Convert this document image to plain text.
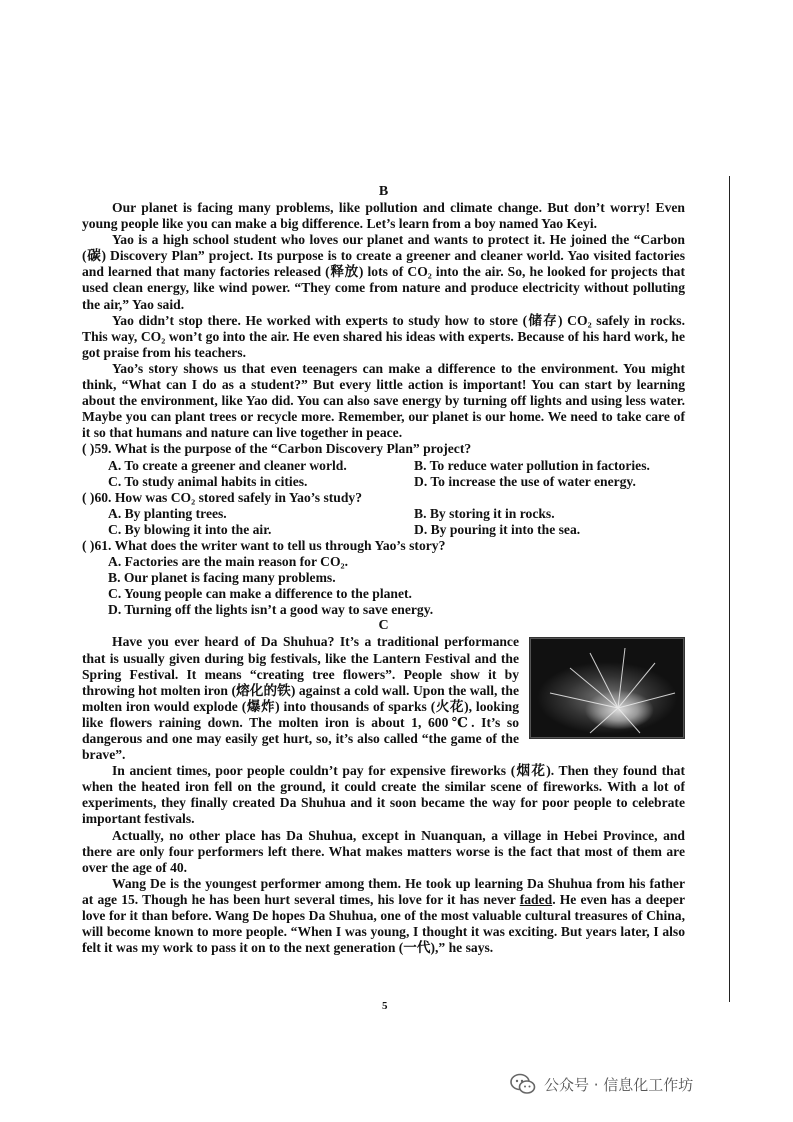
B

Our planet is facing many problems, like pollution and climate change. But don’t worry! Even young people like you can make a big difference. Let’s learn from a boy named Yao Keyi.

Yao is a high school student who loves our planet and wants to protect it. He joined the “Carbon (碳) Discovery Plan” project. Its purpose is to create a greener and cleaner world. Yao visited factories and learned that many factories released (释放) lots of CO₂ into the air. So, he looked for projects that used clean energy, like wind power. “They come from nature and produce electricity without polluting the air,” Yao said.

Yao didn’t stop there. He worked with experts to study how to store (储存) CO₂ safely in rocks. This way, CO₂ won’t go into the air. He even shared his ideas with experts. Because of his hard work, he got praise from his teachers.

Yao’s story shows us that even teenagers can make a difference to the environment. You might think, “What can I do as a student?” But every little action is important! You can start by learning about the environment, like Yao did. You can also save energy by turning off lights and using less water. Maybe you can plant trees or recycle more. Remember, our planet is our home. We need to take care of it so that humans and nature can live together in peace.

( )59. What is the purpose of the “Carbon Discovery Plan” project?

A. To create a greener and cleaner world.	B. To reduce water pollution in factories.
C. To study animal habits in cities.	D. To increase the use of water energy.

( )60. How was CO₂ stored safely in Yao’s study?

A. By planting trees.	B. By storing it in rocks.
C. By blowing it into the air.	D. By pouring it into the sea.

( )61. What does the writer want to tell us through Yao’s story?

A. Factories are the main reason for CO₂.

B. Our planet is facing many problems.

C. Young people can make a difference to the planet.

D. Turning off the lights isn’t a good way to save energy.

C

Have you ever heard of Da Shuhua? It’s a traditional performance that is usually given during big festivals, like the Lantern Festival and the Spring Festival. It means “creating tree flowers”. People show it by throwing hot molten iron (熔化的铁) against a cold wall. Upon the wall, the molten iron would explode (爆炸) into thousands of sparks (火花), looking like flowers raining down. The molten iron is about 1, 600℃. It’s so dangerous and one may easily get hurt, so, it’s also called “the game of the brave”.

In ancient times, poor people couldn’t pay for expensive fireworks (烟花). Then they found that when the heated iron fell on the ground, it could create the similar scene of fireworks. With a lot of experiments, they finally created Da Shuhua and it soon became the way for poor people to celebrate important festivals.

Actually, no other place has Da Shuhua, except in Nuanquan, a village in Hebei Province, and there are only four performers left there. What makes matters worse is the fact that most of them are over the age of 40.

Wang De is the youngest performer among them. He took up learning Da Shuhua from his father at age 15. Though he has been hurt several times, his love for it has never faded. He even has a deeper love for it than before. Wang De hopes Da Shuhua, one of the most valuable cultural treasures of China, will become known to more people. “When I was young, I thought it was exciting. But years later, I also felt it was my work to pass it on to the next generation (一代),” he says.

5
公众号 · 信息化工作坊
